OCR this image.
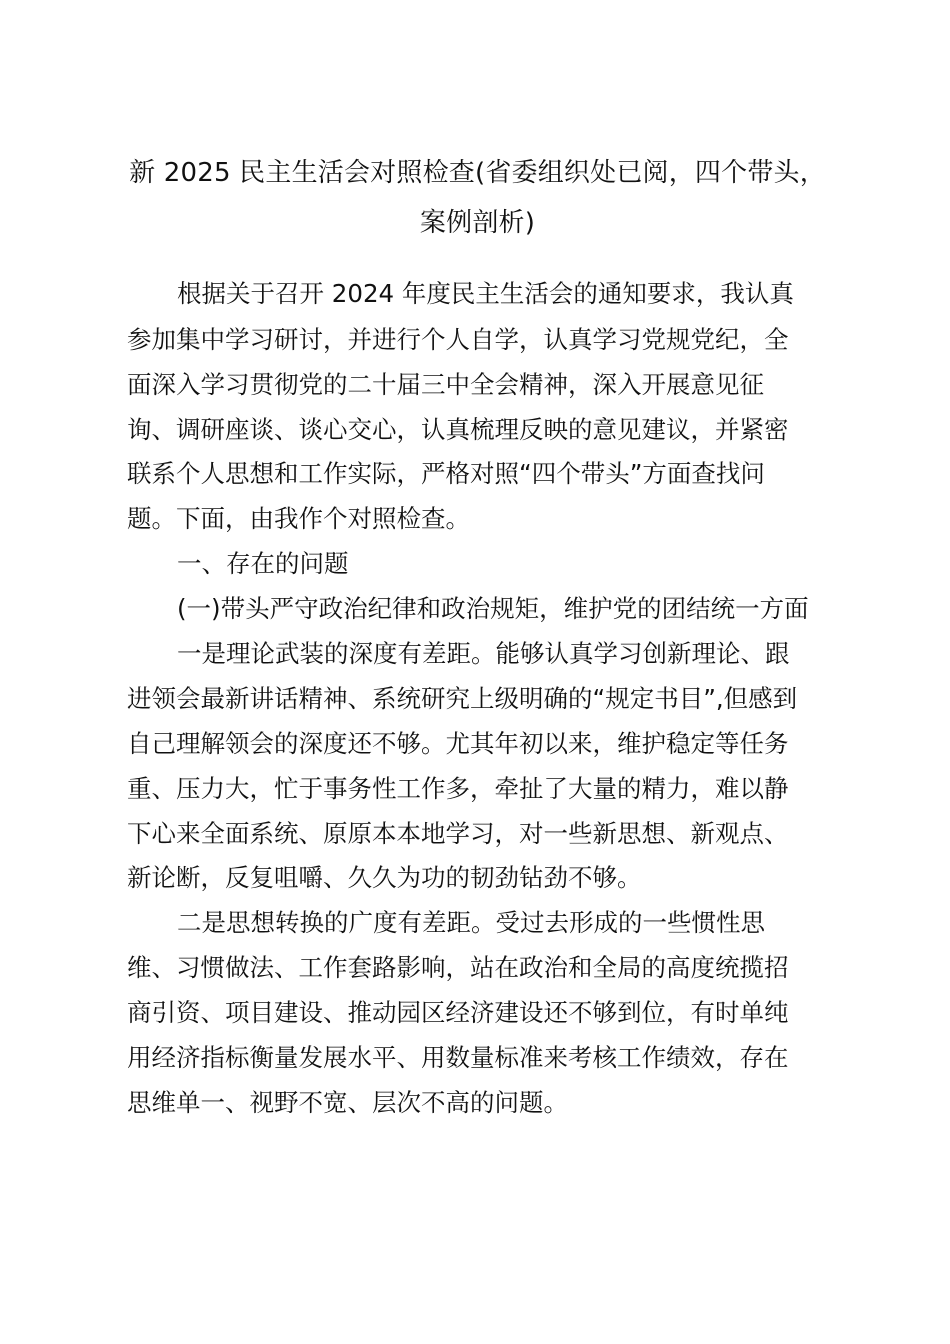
新 2025 民主生活会对照检查(省委组织处已阅，四个带头，案例剖析)

根据关于召开 2024 年度民主生活会的通知要求，我认真

参加集中学习研讨，并进行个人自学，认真学习党规党纪，全

面深入学习贯彻党的二十届三中全会精神，深入开展意见征

询、调研座谈、谈心交心，认真梳理反映的意见建议，并紧密

联系个人思想和工作实际，严格对照“四个带头”方面查找问

题。下面，由我作个对照检查。

一、存在的问题

(一)带头严守政治纪律和政治规矩，维护党的团结统一方面

一是理论武装的深度有差距。能够认真学习创新理论、跟

进领会最新讲话精神、系统研究上级明确的“规定书目”,但感到

自己理解领会的深度还不够。尤其年初以来，维护稳定等任务

重、压力大，忙于事务性工作多，牵扯了大量的精力，难以静

下心来全面系统、原原本本地学习，对一些新思想、新观点、

新论断，反复咀嚼、久久为功的韧劲钻劲不够。

二是思想转换的广度有差距。受过去形成的一些惯性思

维、习惯做法、工作套路影响，站在政治和全局的高度统揽招

商引资、项目建设、推动园区经济建设还不够到位，有时单纯

用经济指标衡量发展水平、用数量标准来考核工作绩效，存在

思维单一、视野不宽、层次不高的问题。
